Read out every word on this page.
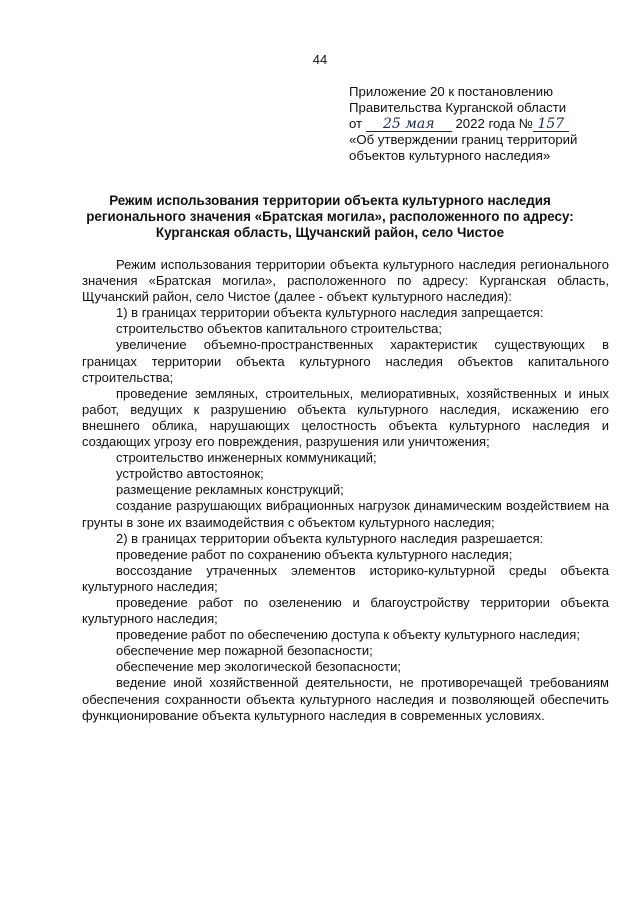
44
Приложение 20 к постановлению
Правительства Курганской области
от 25 мая 2022 года № 157
«Об утверждении границ территорий
объектов культурного наследия»
Режим использования территории объекта культурного наследия
регионального значения «Братская могила», расположенного по адресу:
Курганская область, Щучанский район, село Чистое

Режим использования территории объекта культурного наследия регионального значения «Братская могила», расположенного по адресу: Курганская область, Щучанский район, село Чистое (далее - объект культурного наследия):

1) в границах территории объекта культурного наследия запрещается:

строительство объектов капитального строительства;

увеличение объемно-пространственных характеристик существующих в границах территории объекта культурного наследия объектов капитального строительства;

проведение земляных, строительных, мелиоративных, хозяйственных и иных работ, ведущих к разрушению объекта культурного наследия, искажению его внешнего облика, нарушающих целостность объекта культурного наследия и создающих угрозу его повреждения, разрушения или уничтожения;

строительство инженерных коммуникаций;

устройство автостоянок;

размещение рекламных конструкций;

создание разрушающих вибрационных нагрузок динамическим воздействием на грунты в зоне их взаимодействия с объектом культурного наследия;

2) в границах территории объекта культурного наследия разрешается:

проведение работ по сохранению объекта культурного наследия;

воссоздание утраченных элементов историко-культурной среды объекта культурного наследия;

проведение работ по озеленению и благоустройству территории объекта культурного наследия;

проведение работ по обеспечению доступа к объекту культурного наследия;

обеспечение мер пожарной безопасности;

обеспечение мер экологической безопасности;

ведение иной хозяйственной деятельности, не противоречащей требованиям обеспечения сохранности объекта культурного наследия и позволяющей обеспечить функционирование объекта культурного наследия в современных условиях.
